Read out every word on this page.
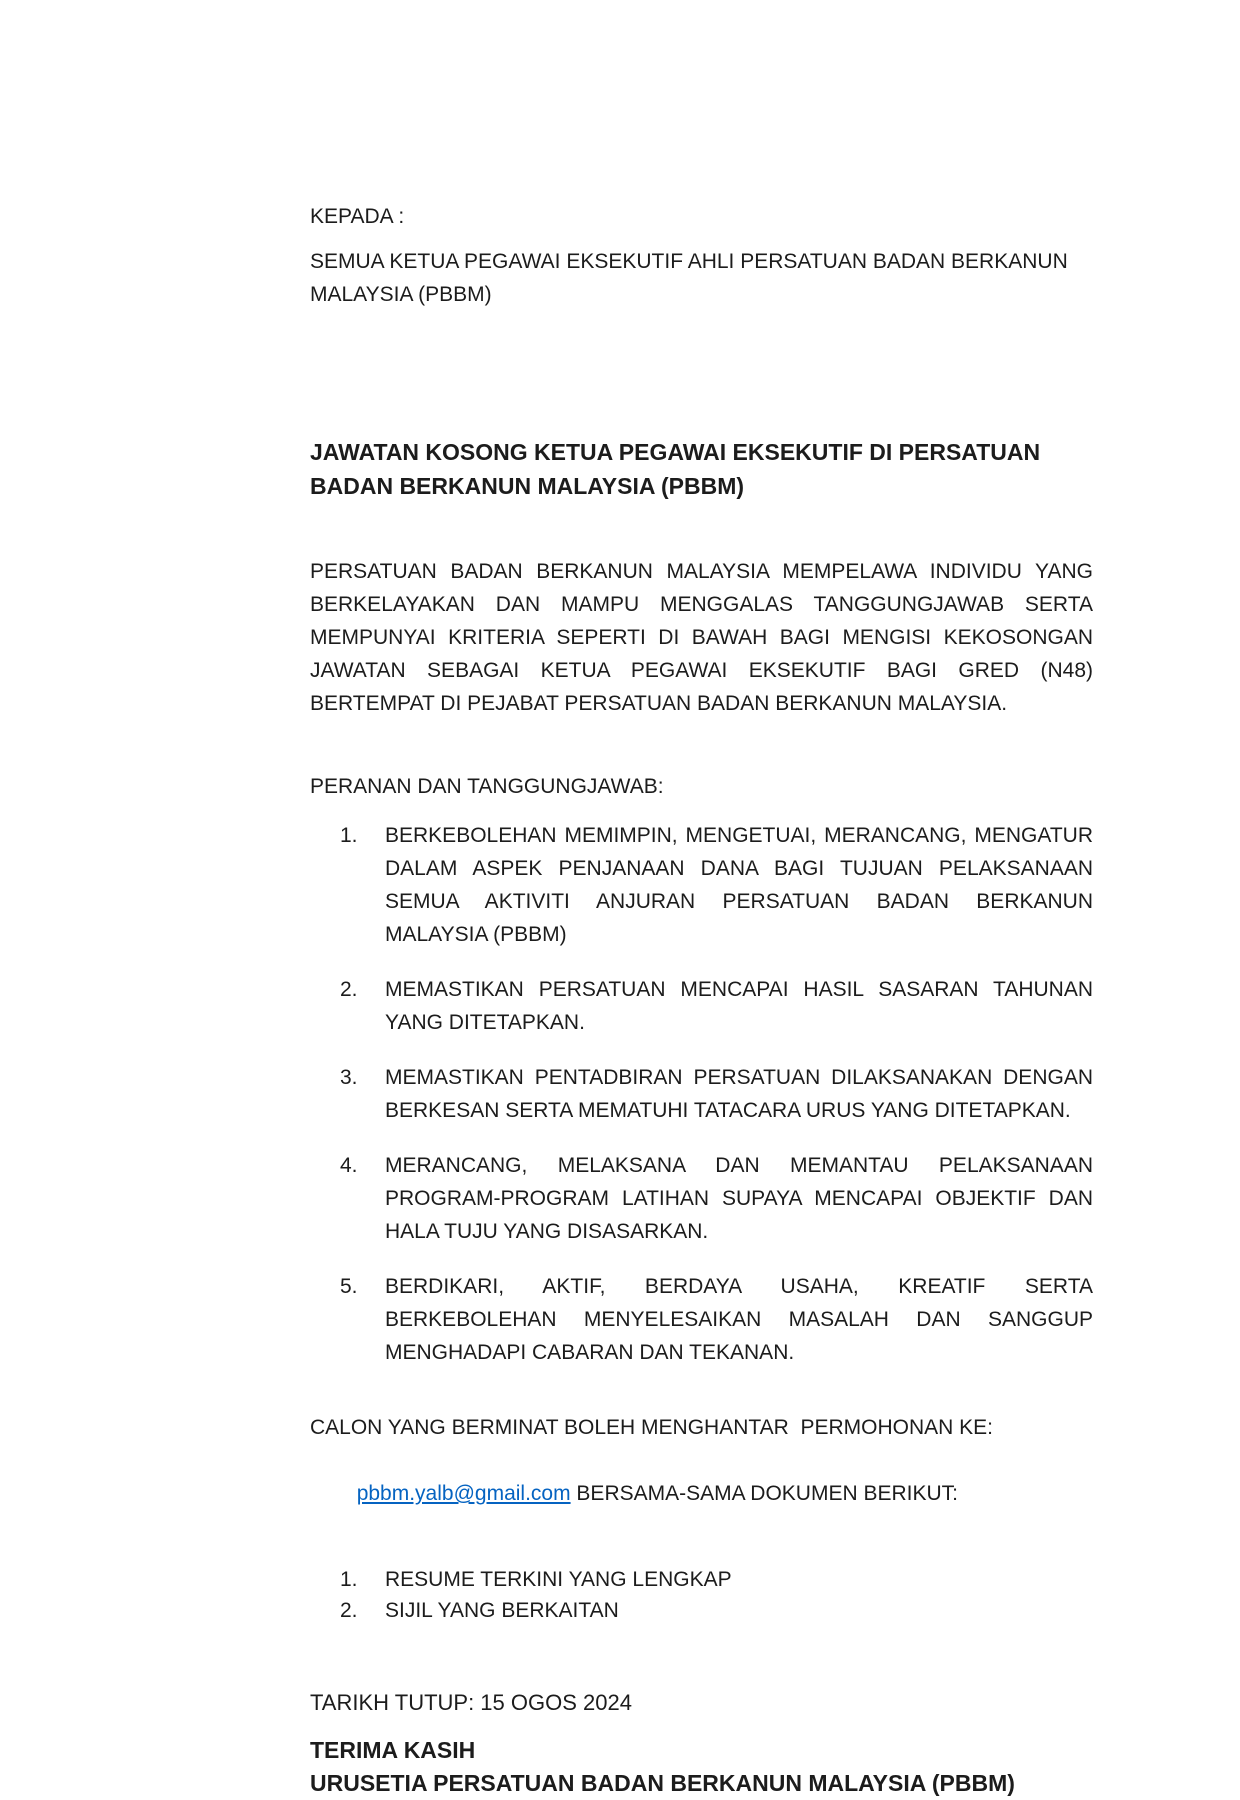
KEPADA :
SEMUA KETUA PEGAWAI EKSEKUTIF AHLI PERSATUAN BADAN BERKANUN
MALAYSIA (PBBM)
JAWATAN KOSONG KETUA PEGAWAI EKSEKUTIF DI PERSATUAN
BADAN BERKANUN MALAYSIA (PBBM)
PERSATUAN BADAN BERKANUN MALAYSIA MEMPELAWA INDIVIDU YANG
BERKELAYAKAN DAN MAMPU MENGGALAS TANGGUNGJAWAB SERTA
MEMPUNYAI KRITERIA SEPERTI DI BAWAH BAGI MENGISI KEKOSONGAN
JAWATAN SEBAGAI KETUA PEGAWAI EKSEKUTIF BAGI GRED (N48)
BERTEMPAT DI PEJABAT PERSATUAN BADAN BERKANUN MALAYSIA.
PERANAN DAN TANGGUNGJAWAB:
1. BERKEBOLEHAN MEMIMPIN, MENGETUAI, MERANCANG, MENGATUR
DALAM ASPEK PENJANAAN DANA BAGI TUJUAN PELAKSANAAN
SEMUA AKTIVITI ANJURAN PERSATUAN BADAN BERKANUN
MALAYSIA (PBBM)
2. MEMASTIKAN PERSATUAN MENCAPAI HASIL SASARAN TAHUNAN
YANG DITETAPKAN.
3. MEMASTIKAN PENTADBIRAN PERSATUAN DILAKSANAKAN DENGAN
BERKESAN SERTA MEMATUHI TATACARA URUS YANG DITETAPKAN.
4. MERANCANG, MELAKSANA DAN MEMANTAU PELAKSANAAN
PROGRAM-PROGRAM LATIHAN SUPAYA MENCAPAI OBJEKTIF DAN
HALA TUJU YANG DISASARKAN.
5. BERDIKARI, AKTIF, BERDAYA USAHA, KREATIF SERTA
BERKEBOLEHAN MENYELESAIKAN MASALAH DAN SANGGUP
MENGHADAPI CABARAN DAN TEKANAN.
CALON YANG BERMINAT BOLEH MENGHANTAR  PERMOHONAN KE:

pbbm.yalb@gmail.com BERSAMA-SAMA DOKUMEN BERIKUT:

1. RESUME TERKINI YANG LENGKAP
2. SIJIL YANG BERKAITAN
TARIKH TUTUP: 15 OGOS 2024
TERIMA KASIH
URUSETIA PERSATUAN BADAN BERKANUN MALAYSIA (PBBM)
